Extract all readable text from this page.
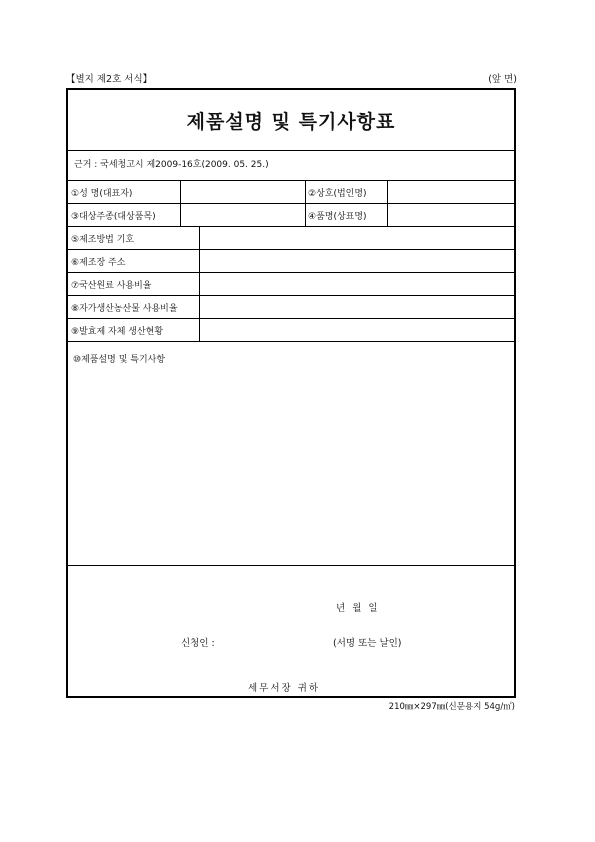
【별지 제2호 서식】	(앞 면)
제품설명 및 특기사항표
근거 : 국세청고시 제2009-16호(2009. 05. 25.)
①성 명(대표자)	②상호(법인명)
③대상주종(대상품목)	④품명(상표명)
⑤제조방법 기호
⑥제조장 주소
⑦국산원료 사용비율
⑧자가생산농산물 사용비율
⑨발효제 자체 생산현황
⑩제품설명 및 특기사항
년 월 일
신청인 :	(서명 또는 날인)
세무서장 귀하
210㎜×297㎜(신문용지 54g/㎡)
